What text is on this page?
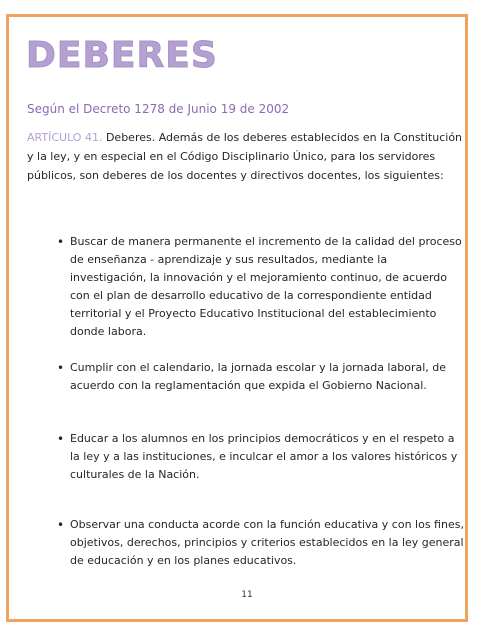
DEBERES

Según el Decreto 1278 de Junio 19 de 2002

ARTÍCULO 41. Deberes. Además de los deberes establecidos en la Constitución y la ley, y en especial en el Código Disciplinario Único, para los servidores públicos, son deberes de los docentes y directivos docentes, los siguientes:

• Buscar de manera permanente el incremento de la calidad del proceso de enseñanza - aprendizaje y sus resultados, mediante la investigación, la innovación y el mejoramiento continuo, de acuerdo con el plan de desarrollo educativo de la correspondiente entidad territorial y el Proyecto Educativo Institucional del establecimiento donde labora.
• Cumplir con el calendario, la jornada escolar y la jornada laboral, de acuerdo con la reglamentación que expida el Gobierno Nacional.
• Educar a los alumnos en los principios democráticos y en el respeto a la ley y a las instituciones, e inculcar el amor a los valores históricos y culturales de la Nación.
• Observar una conducta acorde con la función educativa y con los fines, objetivos, derechos, principios y criterios establecidos en la ley general de educación y en los planes educativos.
11
